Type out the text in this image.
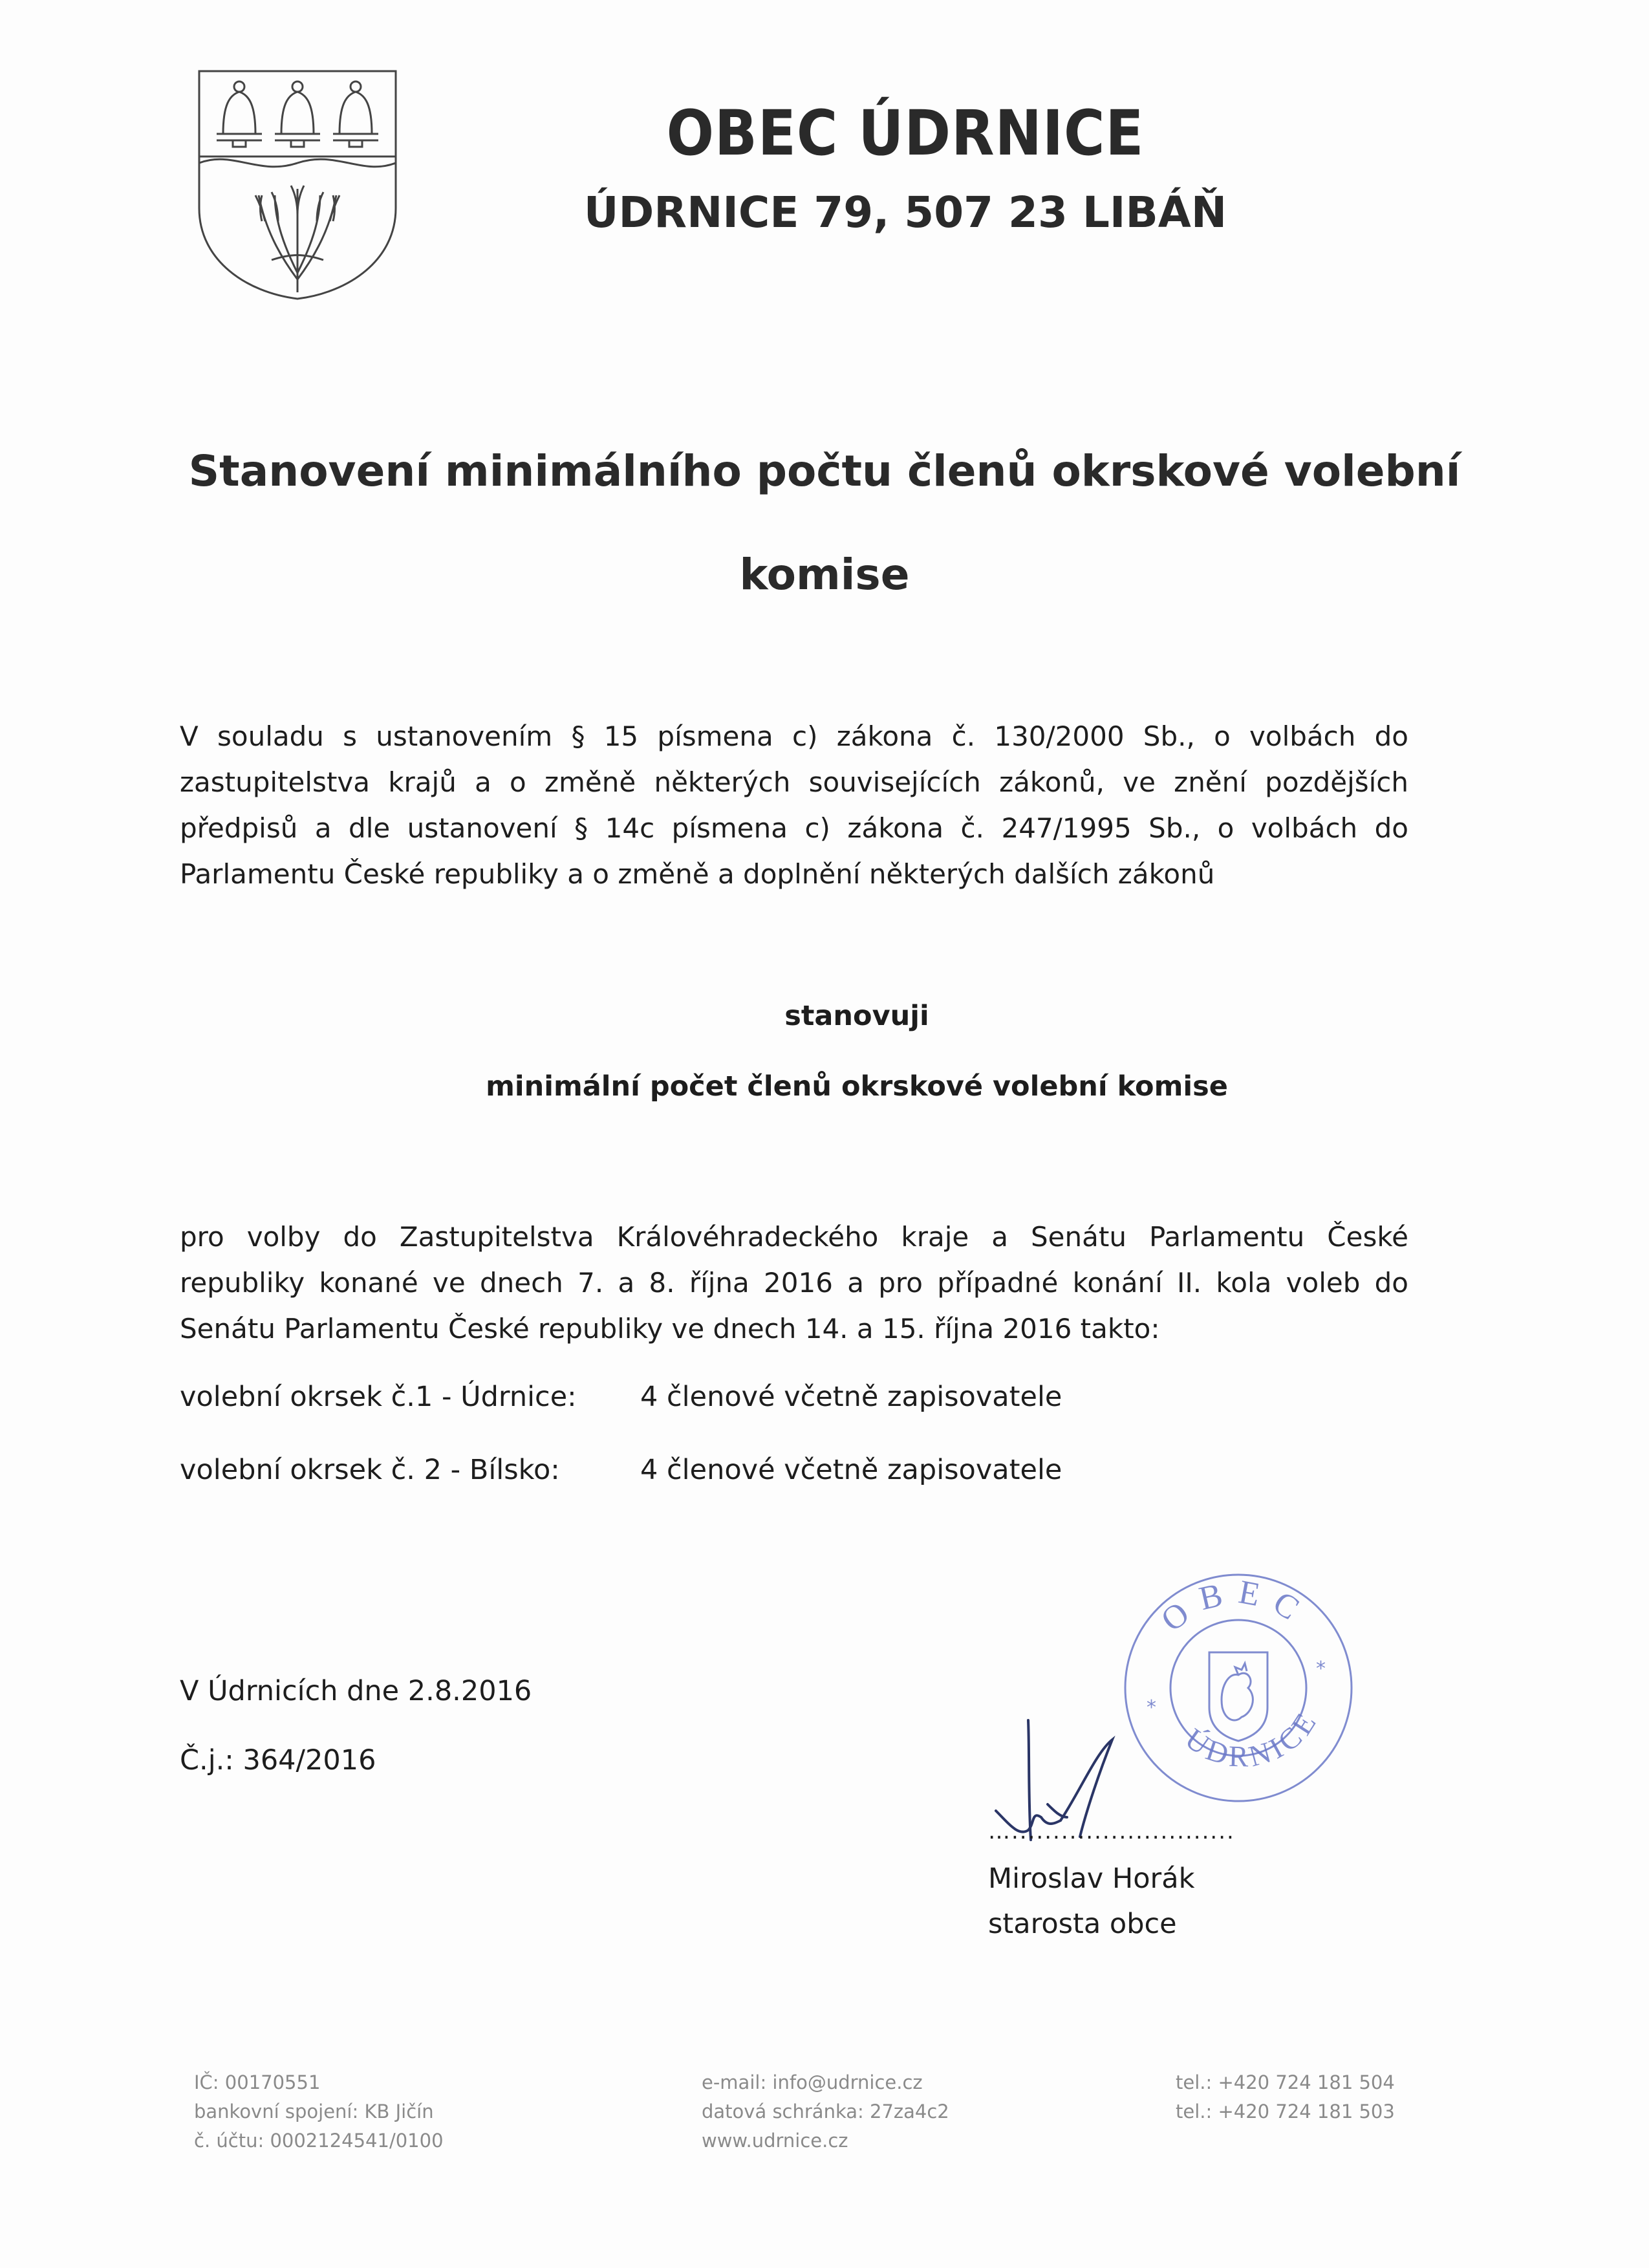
OBEC ÚDRNICE
ÚDRNICE 79, 507 23 LIBÁŇ
Stanovení minimálního počtu členů okrskové volební
komise
V souladu s ustanovením § 15 písmena c) zákona č. 130/2000 Sb., o volbách do zastupitelstva krajů a o změně některých souvisejících zákonů, ve znění pozdějších předpisů a dle ustanovení § 14c písmena c) zákona č. 247/1995 Sb., o volbách do Parlamentu České republiky a o změně a doplnění některých dalších zákonů
stanovuji
minimální počet členů okrskové volební komise
pro volby do Zastupitelstva Královéhradeckého kraje a Senátu Parlamentu České republiky konané ve dnech 7. a 8. října 2016 a pro případné konání II. kola voleb do Senátu Parlamentu České republiky ve dnech 14. a 15. října 2016 takto:
volební okrsek č.1 - Údrnice: 4 členové včetně zapisovatele
volební okrsek č. 2 - Bílsko:	4 členové včetně zapisovatele
V Údrnicích dne 2.8.2016
Č.j.: 364/2016
OBEC
ÚDRNICE
*
*
…...........................
Miroslav Horák
starosta obce
IČ: 00170551
bankovní spojení: KB Jičín
č. účtu: 0002124541/0100
e-mail: info@udrnice.cz
datová schránka: 27za4c2
www.udrnice.cz
tel.: +420 724 181 504
tel.: +420 724 181 503
